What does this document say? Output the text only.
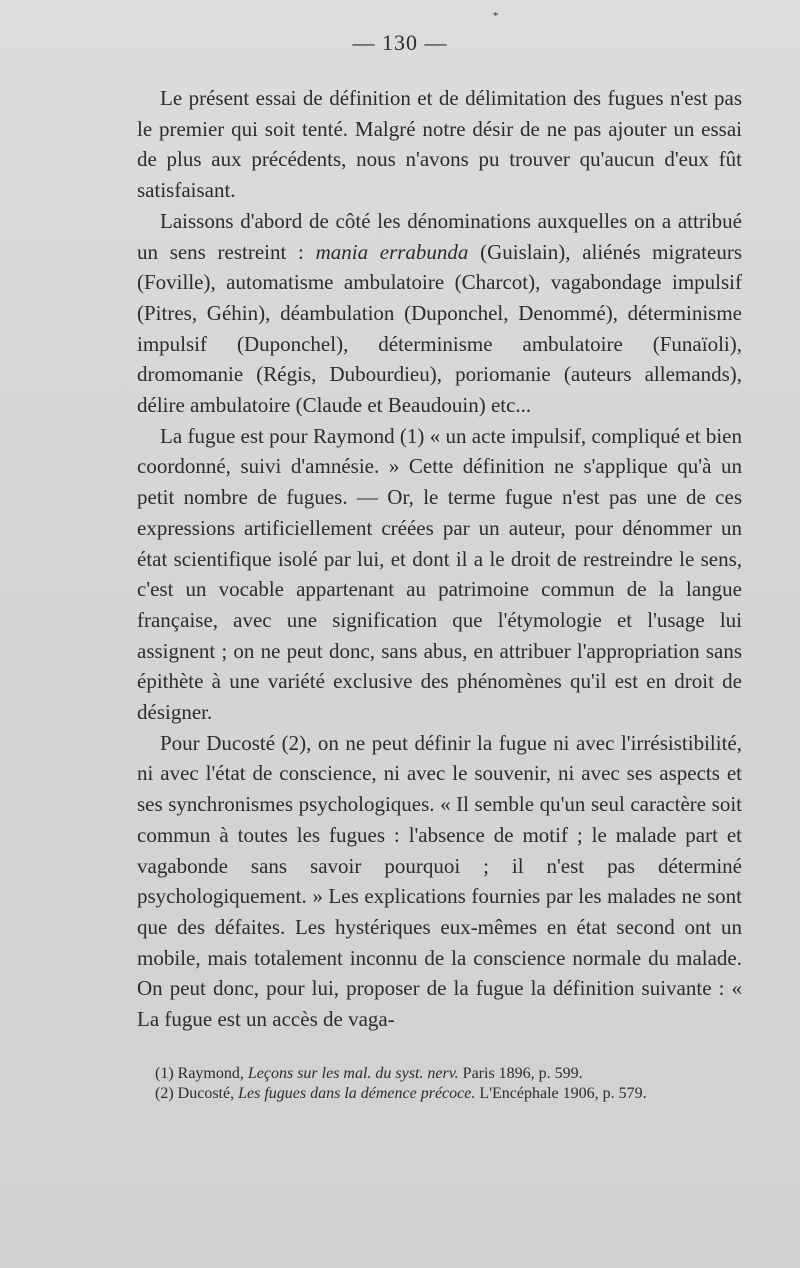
*
— 130 —

Le présent essai de définition et de délimitation des fugues n'est pas le premier qui soit tenté. Malgré notre désir de ne pas ajouter un essai de plus aux précédents, nous n'avons pu trouver qu'aucun d'eux fût satisfaisant.

Laissons d'abord de côté les dénominations auxquelles on a attribué un sens restreint : mania errabunda (Guislain), aliénés migrateurs (Foville), automatisme ambulatoire (Charcot), vagabondage impulsif (Pitres, Géhin), déambulation (Duponchel, Denommé), déterminisme impulsif (Duponchel), déterminisme ambulatoire (Funaïoli), dromomanie (Régis, Dubourdieu), poriomanie (auteurs allemands), délire ambulatoire (Claude et Beaudouin) etc...

La fugue est pour Raymond (1) « un acte impulsif, compliqué et bien coordonné, suivi d'amnésie. » Cette définition ne s'applique qu'à un petit nombre de fugues. — Or, le terme fugue n'est pas une de ces expressions artificiellement créées par un auteur, pour dénommer un état scientifique isolé par lui, et dont il a le droit de restreindre le sens, c'est un vocable appartenant au patrimoine commun de la langue française, avec une signification que l'étymologie et l'usage lui assignent ; on ne peut donc, sans abus, en attribuer l'appropriation sans épithète à une variété exclusive des phénomènes qu'il est en droit de désigner.

Pour Ducosté (2), on ne peut définir la fugue ni avec l'irrésistibilité, ni avec l'état de conscience, ni avec le souvenir, ni avec ses aspects et ses synchronismes psychologiques. « Il semble qu'un seul caractère soit commun à toutes les fugues : l'absence de motif ; le malade part et vagabonde sans savoir pourquoi ; il n'est pas déterminé psychologiquement. » Les explications fournies par les malades ne sont que des défaites. Les hystériques eux-mêmes en état second ont un mobile, mais totalement inconnu de la conscience normale du malade. On peut donc, pour lui, proposer de la fugue la définition suivante : « La fugue est un accès de vaga-

(1) Raymond, Leçons sur les mal. du syst. nerv. Paris 1896, p. 599.

(2) Ducosté, Les fugues dans la démence précoce. L'Encéphale 1906, p. 579.
